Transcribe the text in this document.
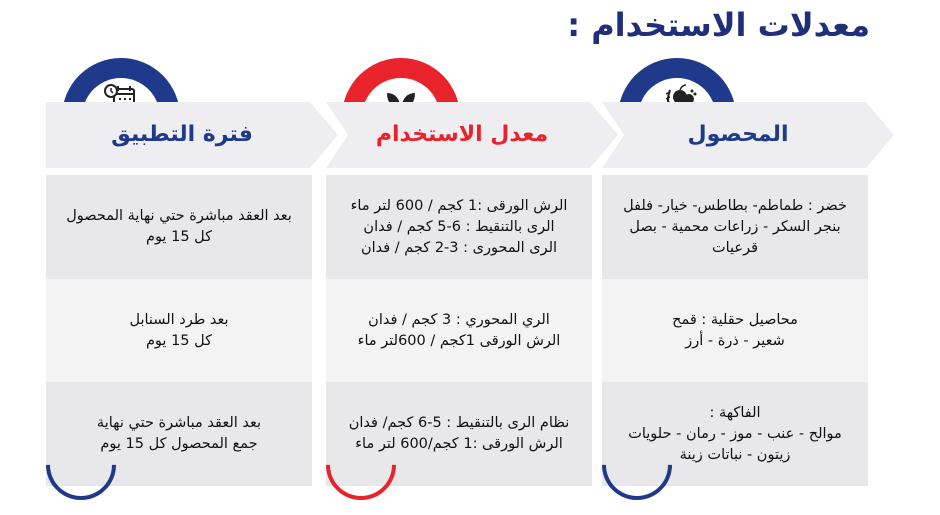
معدلات الاستخدام :
المحصول
خضر : طماطم- بطاطس- خيار- فلفل
بنجر السكر - زراعات محمية - بصل
قرعيات
محاصيل حقلية : قمح
شعير - ذرة - أرز
الفاكهة :
موالح - عنب - موز - رمان - حلويات
زيتون - نباتات زينة
معدل الاستخدام
الرش الورقى :1 كجم / 600 لتر ماء
الرى بالتنقيط : 6-5 كجم / فدان
الرى المحورى : 3-2 كجم / فدان
الري المحوري : 3 كجم / فدان
الرش الورقى 1كجم / 600لتر ماء
نظام الرى بالتنقيط : 5-6 كجم/ فدان
الرش الورقى :1 كجم/600 لتر ماء
فترة التطبيق
بعد العقد مباشرة حتي نهاية المحصول
كل 15 يوم
بعد طرد السنابل
كل 15 يوم
بعد العقد مباشرة حتي نهاية
جمع المحصول كل 15 يوم
